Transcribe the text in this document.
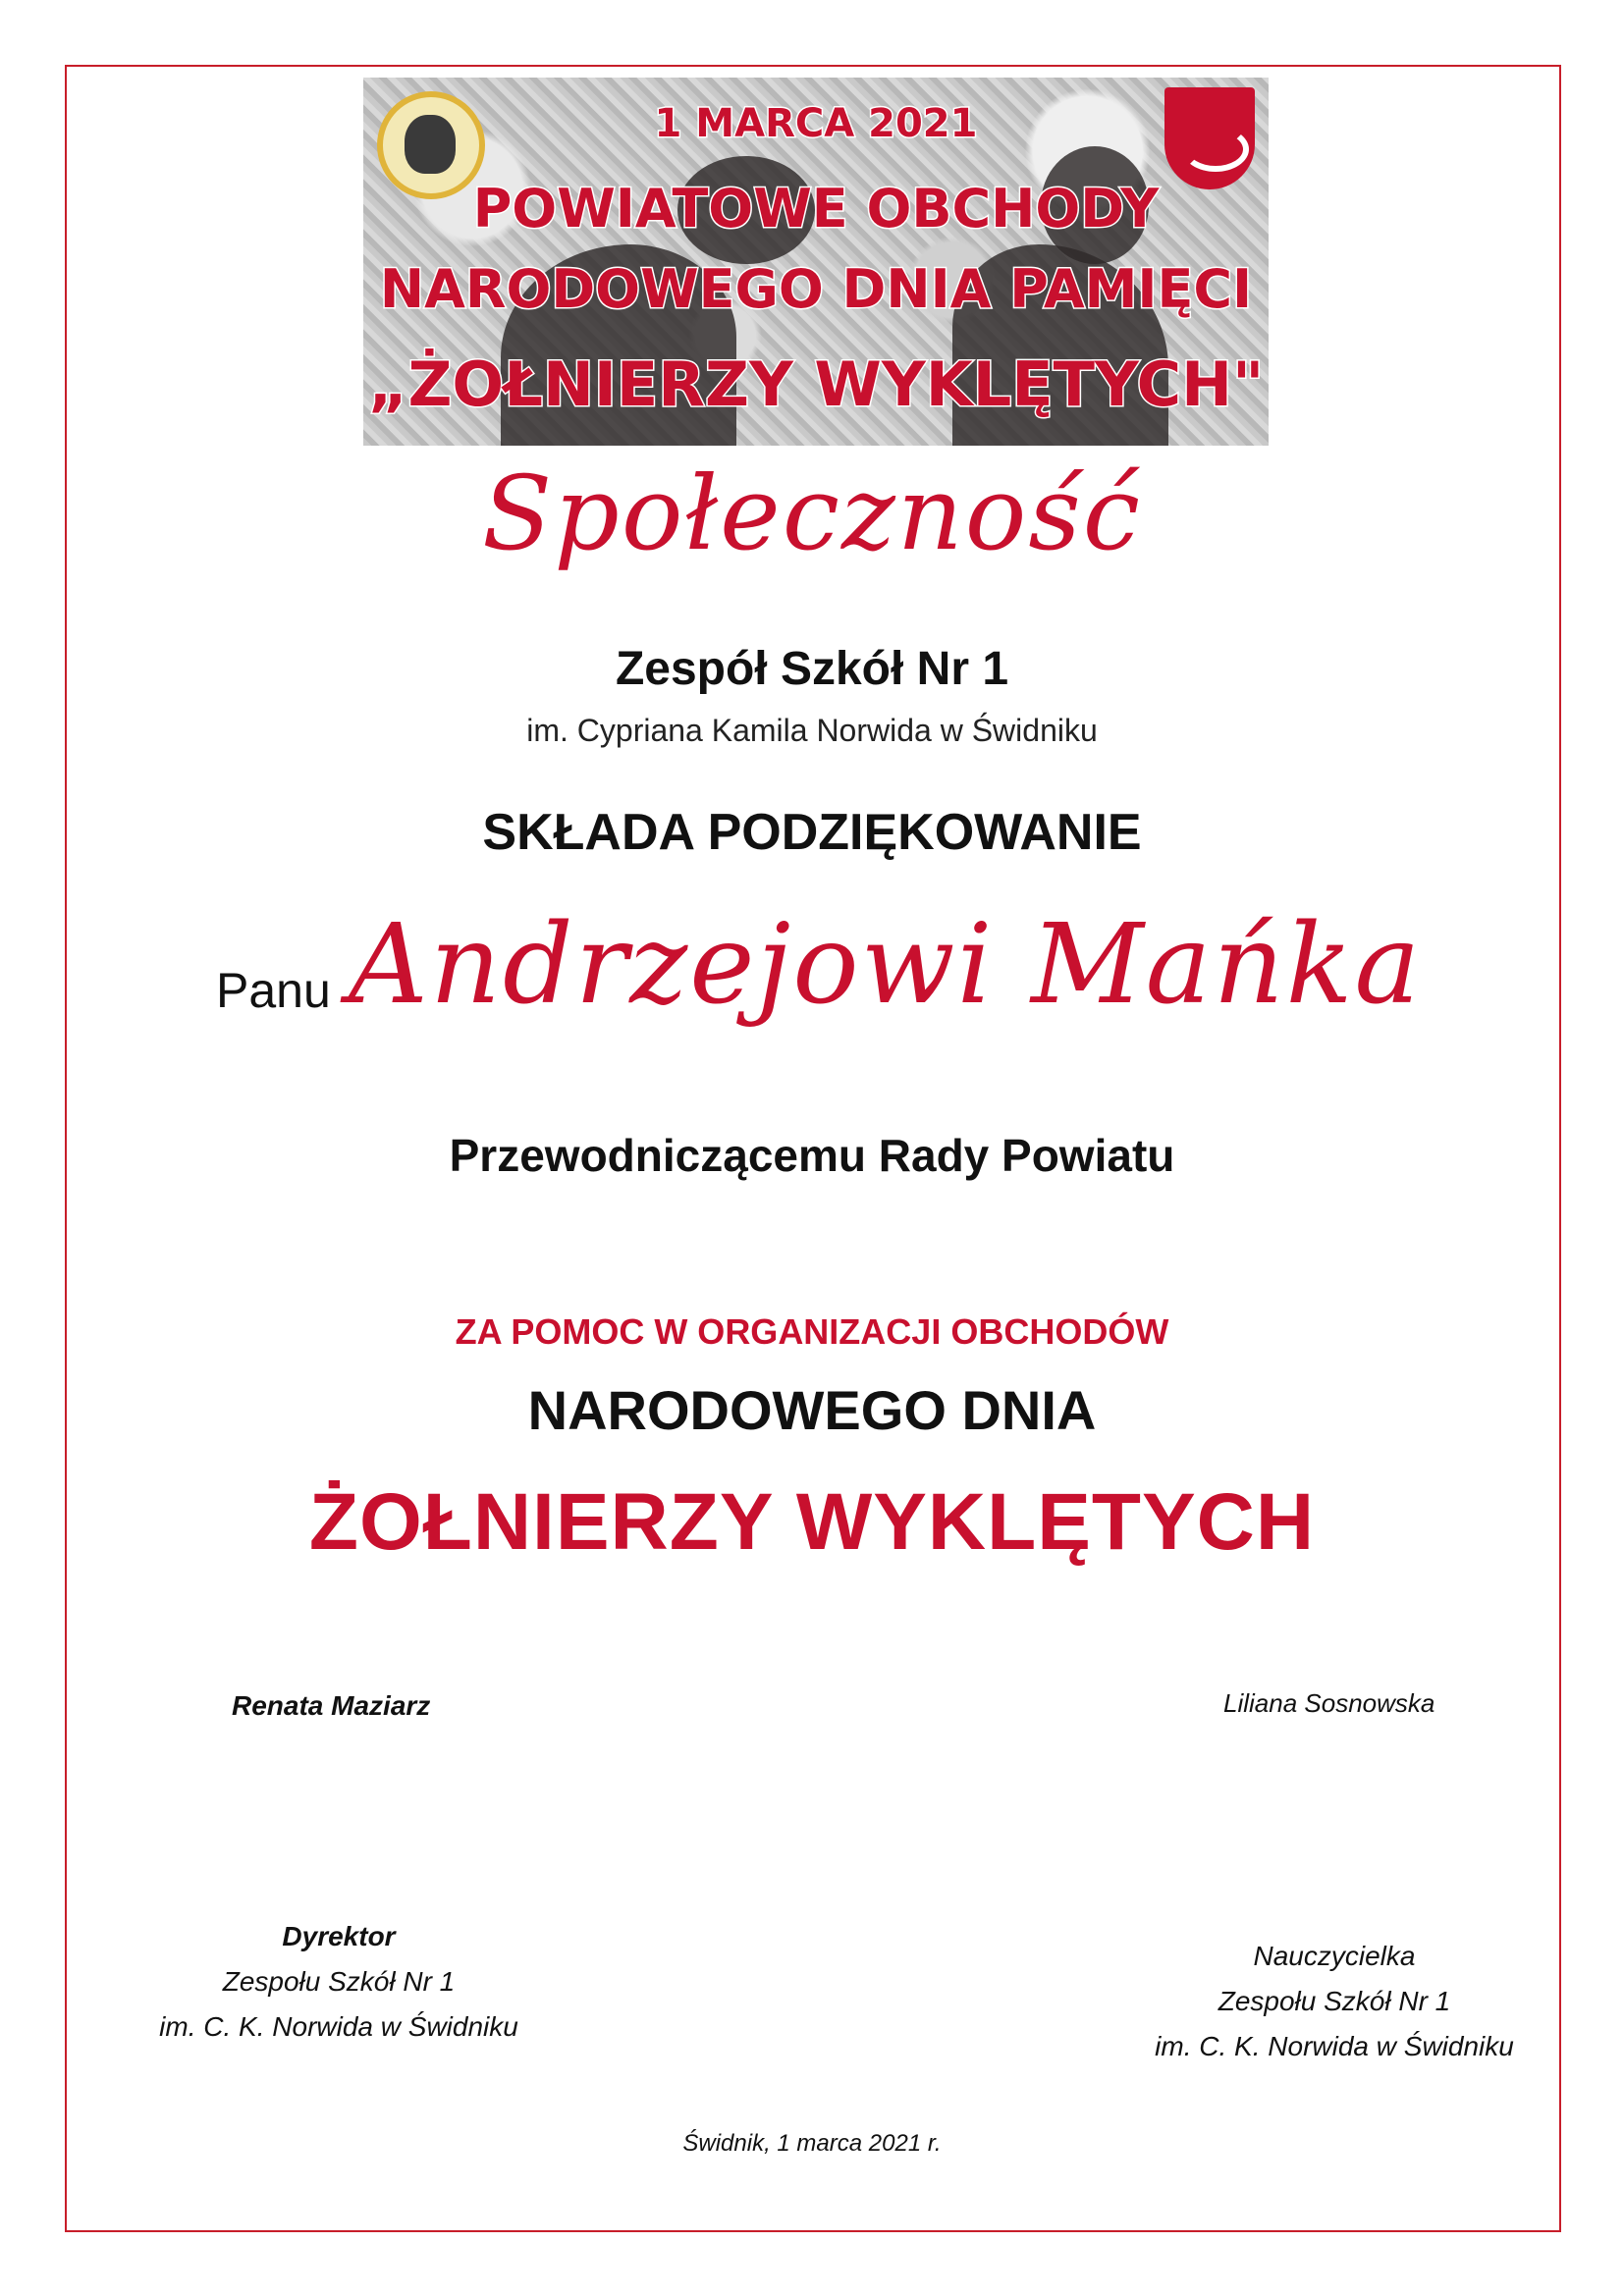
1 MARCA 2021
POWIATOWE OBCHODY
NARODOWEGO DNIA PAMIĘCI
„ŻOŁNIERZY WYKLĘTYCH"
Społeczność
Zespół Szkół Nr 1
im. Cypriana Kamila Norwida w Świdniku
SKŁADA PODZIĘKOWANIE
Panu Andrzejowi Mańka
Przewodniczącemu Rady Powiatu
ZA POMOC W ORGANIZACJI OBCHODÓW
NARODOWEGO DNIA
ŻOŁNIERZY WYKLĘTYCH
Renata Maziarz	Liliana Sosnowska
Dyrektor
Zespołu Szkół Nr 1
im. C. K. Norwida w Świdniku
Nauczycielka
Zespołu Szkół Nr 1
im. C. K. Norwida w Świdniku
Świdnik, 1 marca 2021 r.
